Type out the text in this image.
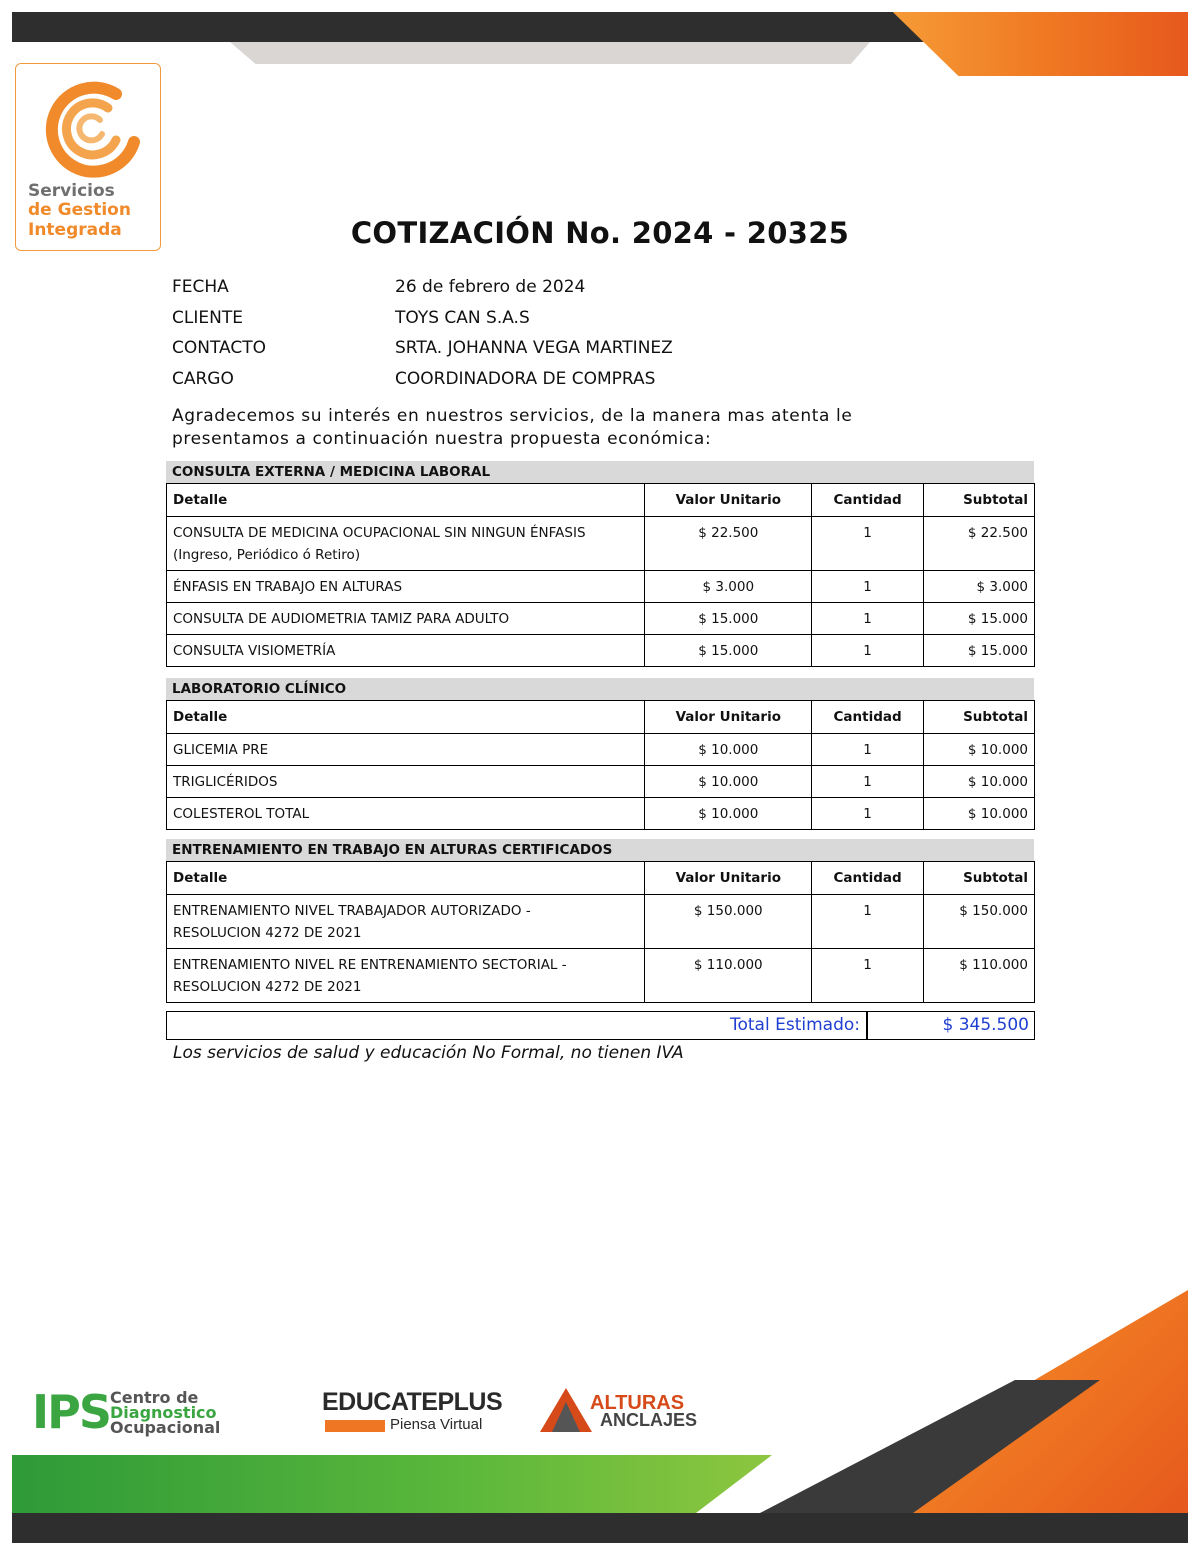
Servicios
de Gestion
Integrada	COTIZACIÓN No. 2024 - 20325
FECHA	26 de febrero de 2024
CLIENTE	TOYS CAN S.A.S
CONTACTO	SRTA. JOHANNA VEGA MARTINEZ
CARGO	COORDINADORA DE COMPRAS
Agradecemos su interés en nuestros servicios, de la manera mas atenta le presentamos a continuación nuestra propuesta económica:
CONSULTA EXTERNA / MEDICINA LABORAL
Detalle	Valor Unitario	Cantidad	Subtotal

CONSULTA DE MEDICINA OCUPACIONAL SIN NINGUN ÉNFASIS
(Ingreso, Periódico ó Retiro)	$ 22.500	1	$ 22.500
ÉNFASIS EN TRABAJO EN ALTURAS	$ 3.000	1	$ 3.000
CONSULTA DE AUDIOMETRIA TAMIZ PARA ADULTO	$ 15.000	1	$ 15.000
CONSULTA VISIOMETRÍA	$ 15.000	1	$ 15.000
LABORATORIO CLÍNICO
Detalle	Valor Unitario	Cantidad	Subtotal
GLICEMIA PRE	$ 10.000	1	$ 10.000
TRIGLICÉRIDOS	$ 10.000	1	$ 10.000
COLESTEROL TOTAL	$ 10.000	1	$ 10.000
ENTRENAMIENTO EN TRABAJO EN ALTURAS CERTIFICADOS
Detalle	Valor Unitario	Cantidad	Subtotal

ENTRENAMIENTO NIVEL TRABAJADOR AUTORIZADO -
RESOLUCION 4272 DE 2021	$ 150.000	1	$ 150.000

ENTRENAMIENTO NIVEL RE ENTRENAMIENTO SECTORIAL -
RESOLUCION 4272 DE 2021	$ 110.000	1	$ 110.000
Total Estimado:	$ 345.500
Los servicios de salud y educación No Formal, no tienen IVA
IPS Centro de
Diagnostico
Ocupacional
EDUCATEPLUS
Piensa Virtual
ALTURAS
ANCLAJES
